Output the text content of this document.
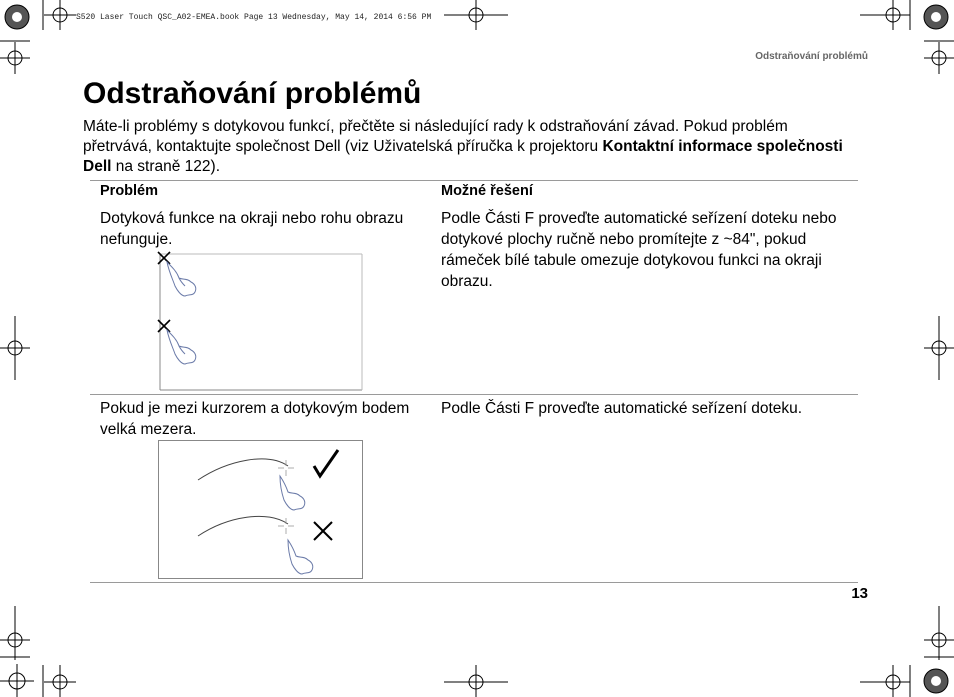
S520 Laser Touch QSC_A02-EMEA.book Page 13 Wednesday, May 14, 2014 6:56 PM
Odstraňování problémů
Odstraňování problémů

Máte-li problémy s dotykovou funkcí, přečtěte si následující rady k odstraňování závad. Pokud problém přetrvává, kontaktujte společnost Dell (viz Uživatelská příručka k projektoru Kontaktní informace společnosti Dell na straně 122).

Problém	Možné řešení
Dotyková funkce na okraji nebo rohu obrazu nefunguje.
Podle Části F proveďte automatické seřízení doteku nebo dotykové plochy ručně nebo promítejte z ~84", pokud rámeček bílé tabule omezuje dotykovou funkci na okraji obrazu.
Pokud je mezi kurzorem a dotykovým bodem velká mezera.
Podle Části F proveďte automatické seřízení doteku.
13
